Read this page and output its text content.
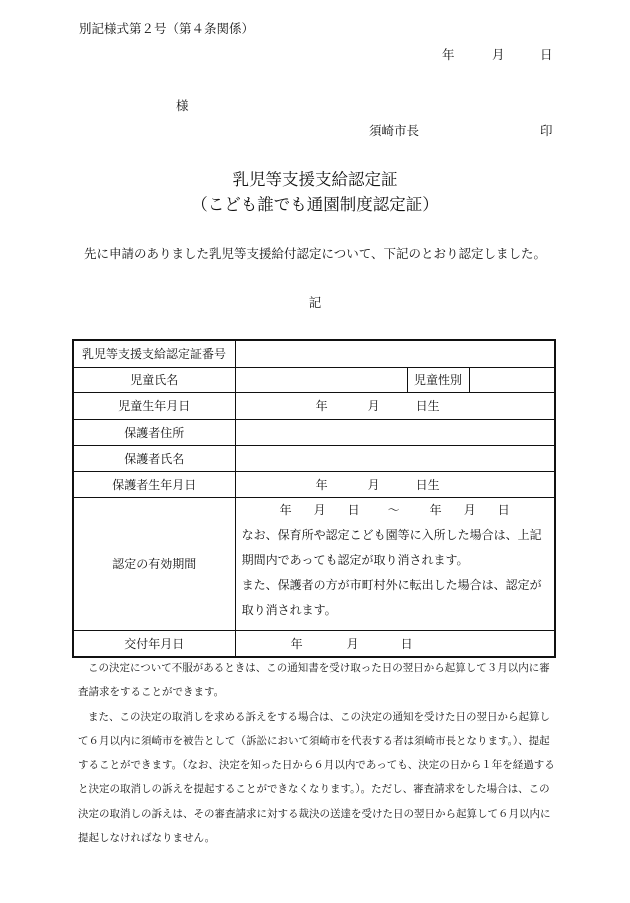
別記様式第２号（第４条関係）
年	月	日
様
須崎市長	印
乳児等支援支給認定証
（こども誰でも通園制度認定証）
先に申請のありました乳児等支援給付認定について、下記のとおり認定しました。
記
乳児等支援支給認定証番号			
児童氏名		児童性別	
児童生年月日	年 月 日生		
保護者住所			
保護者氏名			
保護者生年月日	年 月 日生		
認定の有効期間	年 月 日 ～ 年 月 日
なお、保育所や認定こども園等に入所した場合は、上記
期間内であっても認定が取り消されます。
また、保護者の方が市町村外に転出した場合は、認定が
取り消されます。		

交付年月日	年 月 日		

この決定について不服があるときは、この通知書を受け取った日の翌日から起算して３月以内に審査請求をすることができます。

また、この決定の取消しを求める訴えをする場合は、この決定の通知を受けた日の翌日から起算して６月以内に須崎市を被告として（訴訟において須崎市を代表する者は須崎市長となります。）、提起することができます。（なお、決定を知った日から６月以内であっても、決定の日から１年を経過すると決定の取消しの訴えを提起することができなくなります。）。ただし、審査請求をした場合は、この決定の取消しの訴えは、その審査請求に対する裁決の送達を受けた日の翌日から起算して６月以内に提起しなければなりません。
